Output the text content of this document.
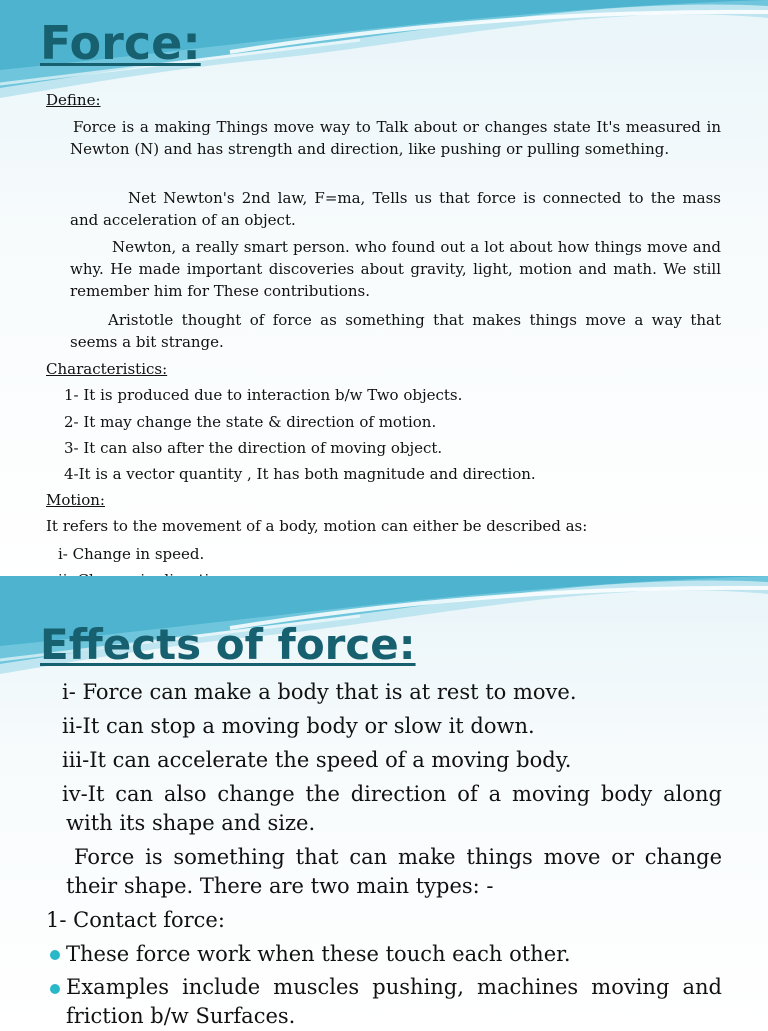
Force:

Define:

Force is a making Things move way to Talk about or changes state It's measured in Newton (N) and has strength and direction, like pushing or pulling something.

Net Newton's 2nd law, F=ma, Tells us that force is connected to the mass and acceleration of an object.

Newton, a really smart person. who found out a lot about how things move and why. He made important discoveries about gravity, light, motion and math. We still remember him for These contributions.

Aristotle thought of force as something that makes things move a way that seems a bit strange.

Characteristics:

1- It is produced due to interaction b/w Two objects.

2- It may change the state & direction of motion.

3- It can also after the direction of moving object.

4-It is a vector quantity , It has both magnitude and direction.

Motion:

It refers to the movement of a body, motion can either be described as:

i- Change in speed.

Effects of force:

i- Force can make a body that is at rest to move.

ii-It can stop a moving body or slow it down.

iii-It can accelerate the speed of a moving body.

iv-It can also change the direction of a moving body along with its shape and size.

Force is something that can make things move or change their shape. There are two main types: -

1- Contact force:

These force work when these touch each other.

Examples include muscles pushing, machines moving and friction b/w Surfaces.
